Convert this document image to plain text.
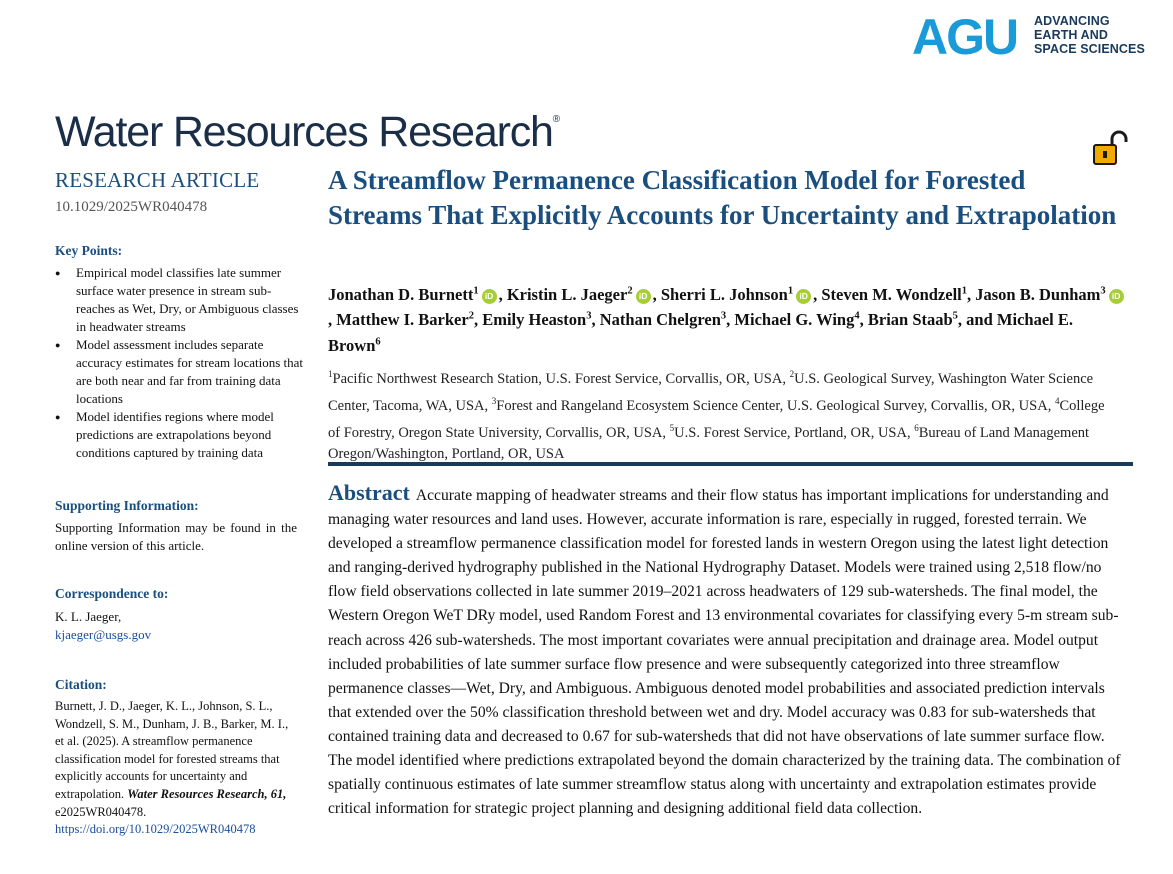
AGU ADVANCING
EARTH AND
SPACE SCIENCES
Water Resources Research®
RESEARCH ARTICLE
10.1029/2025WR040478
Key Points:
● Empirical model classifies late summer surface water presence in stream sub-reaches as Wet, Dry, or Ambiguous classes in headwater streams
● Model assessment includes separate accuracy estimates for stream locations that are both near and far from training data locations
● Model identifies regions where model predictions are extrapolations beyond conditions captured by training data
Supporting Information:
Supporting Information may be found in the online version of this article.
Correspondence to:
K. L. Jaeger,
kjaeger@usgs.gov
Citation:
Burnett, J. D., Jaeger, K. L., Johnson, S. L., Wondzell, S. M., Dunham, J. B., Barker, M. I., et al. (2025). A streamflow permanence classification model for forested streams that explicitly accounts for uncertainty and extrapolation. Water Resources Research, 61, e2025WR040478. https://doi.org/10.1029/2025WR040478
A Streamflow Permanence Classification Model for Forested Streams That Explicitly Accounts for Uncertainty and Extrapolation
Jonathan D. Burnett$^1$ iD , Kristin L. Jaeger$^2$ iD , Sherri L. Johnson$^1$ iD , Steven M. Wondzell$^1$, Jason B. Dunham$^3$ iD, Matthew I. Barker$^2$, Emily Heaston$^3$, Nathan Chelgren$^3$, Michael G. Wing$^4$, Brian Staab$^5$, and Michael E. Brown$^6$
$^1$Pacific Northwest Research Station, U.S. Forest Service, Corvallis, OR, USA, $^2$U.S. Geological Survey, Washington Water Science Center, Tacoma, WA, USA, $^3$Forest and Rangeland Ecosystem Science Center, U.S. Geological Survey, Corvallis, OR, USA, $^4$College of Forestry, Oregon State University, Corvallis, OR, USA, $^5$U.S. Forest Service, Portland, OR, USA, $^6$Bureau of Land Management Oregon/Washington, Portland, OR, USA
Abstract Accurate mapping of headwater streams and their flow status has important implications for understanding and managing water resources and land uses. However, accurate information is rare, especially in rugged, forested terrain. We developed a streamflow permanence classification model for forested lands in western Oregon using the latest light detection and ranging-derived hydrography published in the National Hydrography Dataset. Models were trained using 2,518 flow/no flow field observations collected in late summer 2019–2021 across headwaters of 129 sub-watersheds. The final model, the Western Oregon WeT DRy model, used Random Forest and 13 environmental covariates for classifying every 5-m stream sub-reach across 426 sub-watersheds. The most important covariates were annual precipitation and drainage area. Model output included probabilities of late summer surface flow presence and were subsequently categorized into three streamflow permanence classes—Wet, Dry, and Ambiguous. Ambiguous denoted model probabilities and associated prediction intervals that extended over the 50% classification threshold between wet and dry. Model accuracy was 0.83 for sub-watersheds that contained training data and decreased to 0.67 for sub-watersheds that did not have observations of late summer surface flow. The model identified where predictions extrapolated beyond the domain characterized by the training data. The combination of spatially continuous estimates of late summer streamflow status along with uncertainty and extrapolation estimates provide critical information for strategic project planning and designing additional field data collection.
